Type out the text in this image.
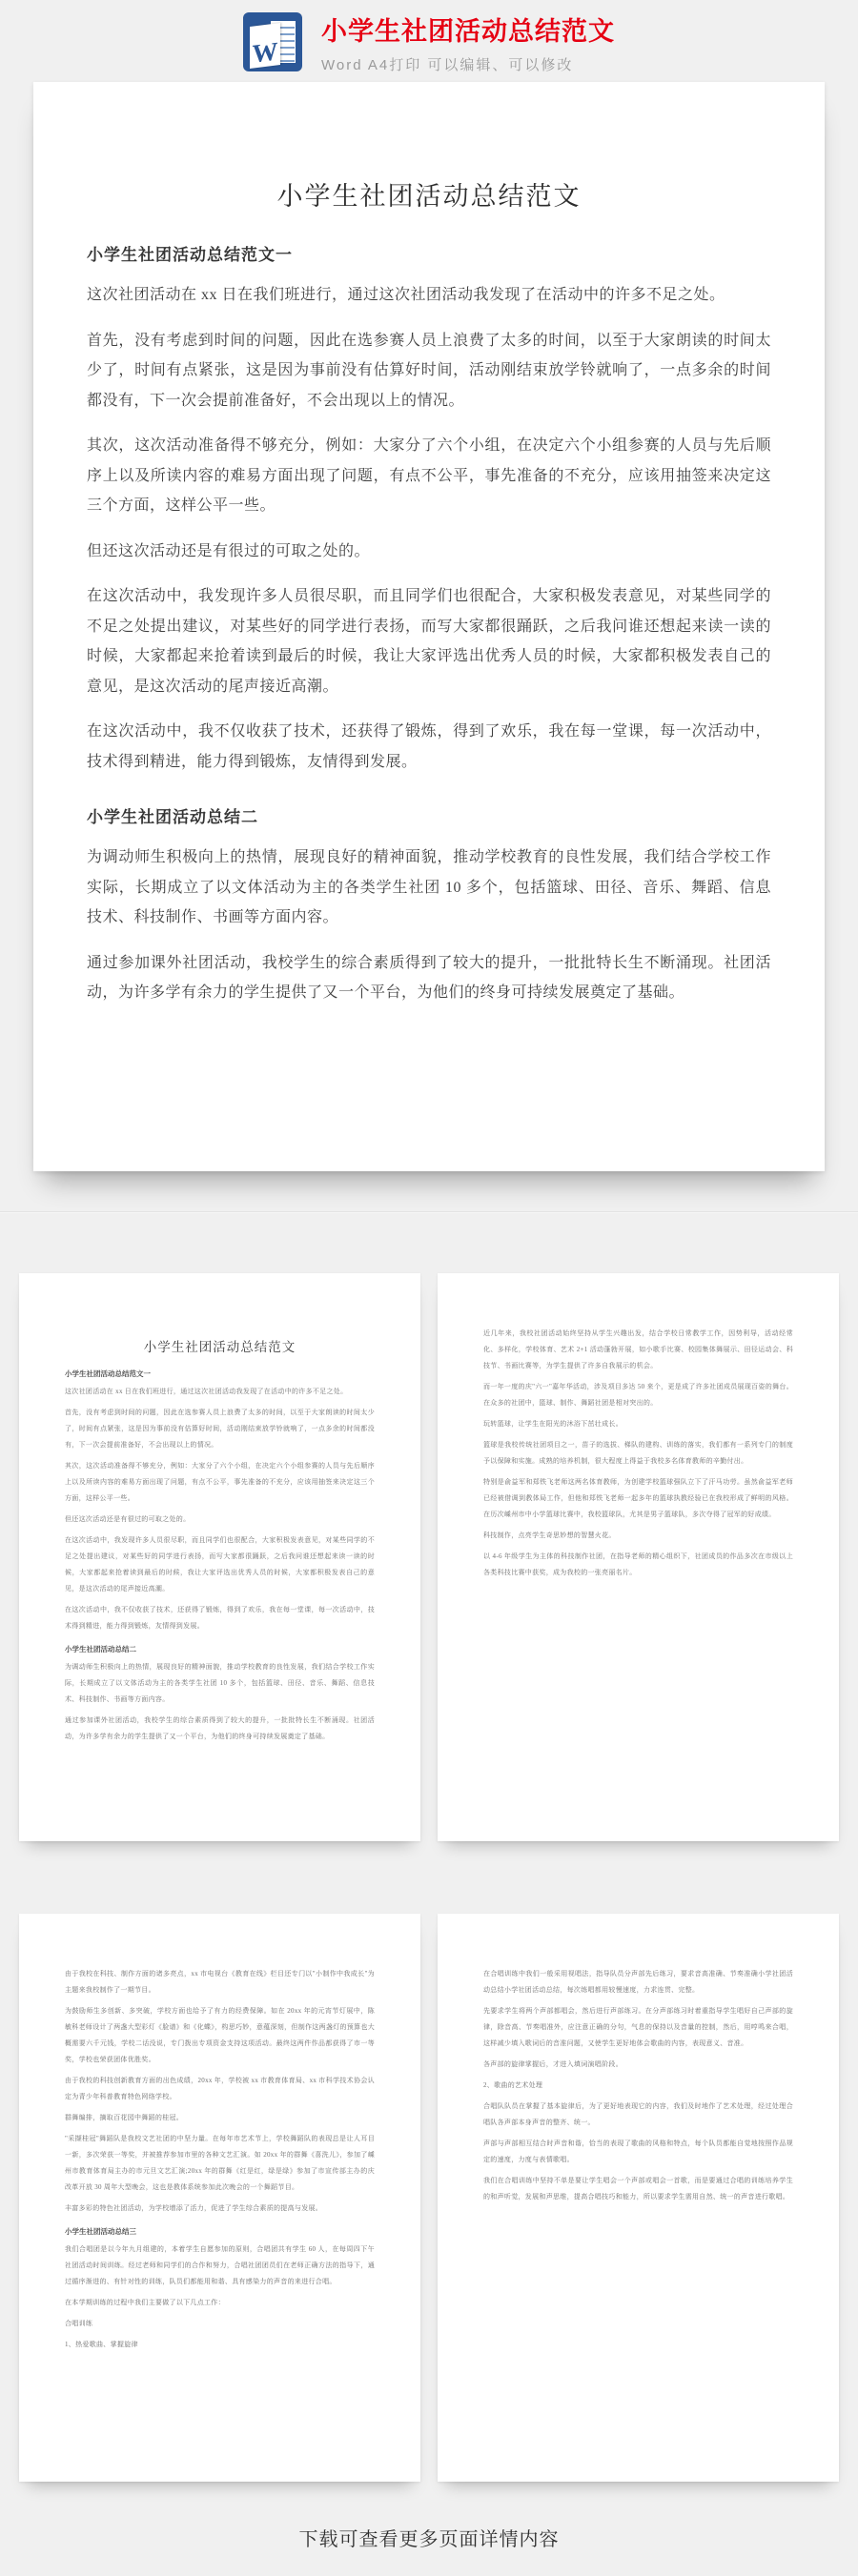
W
小学生社团活动总结范文
Word A4打印 可以编辑、可以修改
小学生社团活动总结范文
小学生社团活动总结范文一

这次社团活动在 xx 日在我们班进行，通过这次社团活动我发现了在活动中的许多不足之处。

首先，没有考虑到时间的问题，因此在选参赛人员上浪费了太多的时间，以至于大家朗读的时间太少了，时间有点紧张，这是因为事前没有估算好时间，活动刚结束放学铃就响了，一点多余的时间都没有，下一次会提前准备好，不会出现以上的情况。

其次，这次活动准备得不够充分，例如：大家分了六个小组，在决定六个小组参赛的人员与先后顺序上以及所读内容的难易方面出现了问题，有点不公平，事先准备的不充分，应该用抽签来决定这三个方面，这样公平一些。

但还这次活动还是有很过的可取之处的。

在这次活动中，我发现许多人员很尽职，而且同学们也很配合，大家积极发表意见，对某些同学的不足之处提出建议，对某些好的同学进行表扬，而写大家都很踊跃，之后我问谁还想起来读一读的时候，大家都起来抢着读到最后的时候，我让大家评选出优秀人员的时候，大家都积极发表自己的意见，是这次活动的尾声接近高潮。

在这次活动中，我不仅收获了技术，还获得了锻炼，得到了欢乐，我在每一堂课，每一次活动中，技术得到精进，能力得到锻炼，友情得到发展。

小学生社团活动总结二

为调动师生积极向上的热情，展现良好的精神面貌，推动学校教育的良性发展，我们结合学校工作实际，长期成立了以文体活动为主的各类学生社团 10 多个，包括篮球、田径、音乐、舞蹈、信息技术、科技制作、书画等方面内容。

通过参加课外社团活动，我校学生的综合素质得到了较大的提升，一批批特长生不断涌现。社团活动，为许多学有余力的学生提供了又一个平台，为他们的终身可持续发展奠定了基础。

小学生社团活动总结范文
小学生社团活动总结范文一

这次社团活动在 xx 日在我们班进行，通过这次社团活动我发现了在活动中的许多不足之处。

首先，没有考虑到时间的问题，因此在选参赛人员上浪费了太多的时间，以至于大家朗读的时间太少了，时间有点紧张，这是因为事前没有估算好时间，活动刚结束放学铃就响了，一点多余的时间都没有，下一次会提前准备好，不会出现以上的情况。

其次，这次活动准备得不够充分，例如：大家分了六个小组，在决定六个小组参赛的人员与先后顺序上以及所读内容的难易方面出现了问题，有点不公平，事先准备的不充分，应该用抽签来决定这三个方面，这样公平一些。

但还这次活动还是有很过的可取之处的。

在这次活动中，我发现许多人员很尽职，而且同学们也很配合，大家积极发表意见，对某些同学的不足之处提出建议，对某些好的同学进行表扬，而写大家都很踊跃，之后我问谁还想起来读一读的时候，大家都起来抢着读到最后的时候，我让大家评选出优秀人员的时候，大家都积极发表自己的意见，是这次活动的尾声接近高潮。

在这次活动中，我不仅收获了技术，还获得了锻炼，得到了欢乐，我在每一堂课，每一次活动中，技术得到精进，能力得到锻炼，友情得到发展。

小学生社团活动总结二

为调动师生积极向上的热情，展现良好的精神面貌，推动学校教育的良性发展，我们结合学校工作实际，长期成立了以文体活动为主的各类学生社团 10 多个，包括篮球、田径、音乐、舞蹈、信息技术、科技制作、书画等方面内容。

通过参加课外社团活动，我校学生的综合素质得到了较大的提升，一批批特长生不断涌现。社团活动，为许多学有余力的学生提供了又一个平台，为他们的终身可持续发展奠定了基础。

近几年来，我校社团活动始终坚持从学生兴趣出发，结合学校日常教学工作，因势利导，活动经常化、多样化，学校体育、艺术 2+1 活动蓬勃开展，如小歌手比赛、校园集体舞展示、田径运动会、科技节、书画比赛等，为学生提供了许多自我展示的机会。

而一年一度的庆"六一"嘉年华活动，涉及项目多达 50 来个，更是成了许多社团成员展现百姿的舞台。在众多的社团中，篮球、制作、舞蹈社团是相对突出的。

玩转篮球，让学生在阳光的沐浴下茁壮成长。

篮球是我校传统社团项目之一，苗子的选拔、梯队的建构、训练的落实，我们都有一系列专门的制度予以保障和实施。成熟的培养机制，很大程度上得益于我校多名体育教师的辛勤付出。

特别是俞益军和郑铁飞老师这两名体育教师，为创建学校篮球强队立下了汗马功劳。虽然俞益军老师已经被借调到教体局工作，但他和郑铁飞老师一起多年的篮球执教经验已在我校形成了鲜明的风格。在历次嵊州市中小学篮球比赛中，我校篮球队，尤其是男子篮球队，多次夺得了冠军的好成绩。

科技制作，点亮学生奇思妙想的智慧火花。

以 4-6 年级学生为主体的科技制作社团，在指导老师的精心组织下，社团成员的作品多次在市级以上各类科技比赛中获奖，成为我校的一张亮丽名片。

由于我校在科技、制作方面的诸多亮点，xx 市电视台《教育在线》栏目还专门以"小制作中我成长"为主题来我校制作了一期节目。

为鼓励师生多创新、多突破，学校方面也给予了有力的经费保障。如在 20xx 年的元宵节灯展中，陈敏科老师设计了两盏大型彩灯《脸谱》和《化蝶》，构思巧妙，意蕴深刻，但制作这两盏灯的预算也大概需要六千元钱，学校二话没说，专门拨出专项资金支持这项活动。最终这两件作品都获得了市一等奖，学校也荣获团体优胜奖。

由于我校的科技创新教育方面的出色成绩，20xx 年，学校被 xx 市教育体育局、xx 市科学技术协会认定为青少年科普教育特色网络学校。

群舞编排，摘取百花园中舞蹈的桂冠。

"采撷桂冠"舞蹈队是我校文艺社团的中坚力量。在每年市艺术节上，学校舞蹈队的表现总是让人耳目一新，多次荣获一等奖，并被推荐参加市里的各种文艺汇演。如 20xx 年的群舞《喜洗儿》，参加了嵊州市教育体育局主办的市元旦文艺汇演;20xx 年的群舞《红是红，绿是绿》参加了市宣传部主办的庆改革开放 30 周年大型晚会，这也是教体系统参加此次晚会的一个舞蹈节目。

丰富多彩的特色社团活动，为学校增添了活力，促进了学生综合素质的提高与发展。

小学生社团活动总结三

我们合唱团是以今年九月组建的，本着学生自愿参加的原则，合唱团共有学生 60 人，在每周四下午社团活动时间训练。经过老师和同学们的合作和努力，合唱社团团员们在老师正确方法的指导下，通过循序渐进的、有针对性的训练，队员们都能用和谐、具有感染力的声音的来进行合唱。

在本学期训练的过程中我们主要做了以下几点工作：

合唱训练

1、热爱歌曲、掌握旋律

在合唱训练中我们一般采用视唱法，指导队员分声部先后练习，要求音高准确、节奏准确小学社团活动总结小学社团活动总结，每次练唱都用较慢速度，力求连贯、完整。

先要求学生将两个声部都唱会，然后进行声部练习。在分声部练习时着重指导学生唱好自己声部的旋律，除音高、节奏唱准外，应注意正确的分句，气息的保持以及音量的控制，然后，用哼鸣来合唱，这样减少填入歌词后的音准问题，又使学生更好地体会歌曲的内容，表现意义、音准。

各声部的旋律掌握后，才进入填词演唱阶段。

2、歌曲的艺术处理

合唱队队员在掌握了基本旋律后，为了更好地表现它的内容，我们及时地作了艺术处理，经过处理合唱队各声部本身声音的整齐、统一。

声部与声部相互结合时声音和谐，恰当的表现了歌曲的风格和特点，每个队员都能自觉地按照作品规定的速度，力度与表情歌唱。

我们在合唱训练中坚持不单是要让学生唱会一个声部或唱会一首歌，而是要通过合唱的训练培养学生的和声听觉，发展和声思维，提高合唱技巧和能力，所以要求学生需用自然、统一的声音进行歌唱。

下载可查看更多页面详情内容
